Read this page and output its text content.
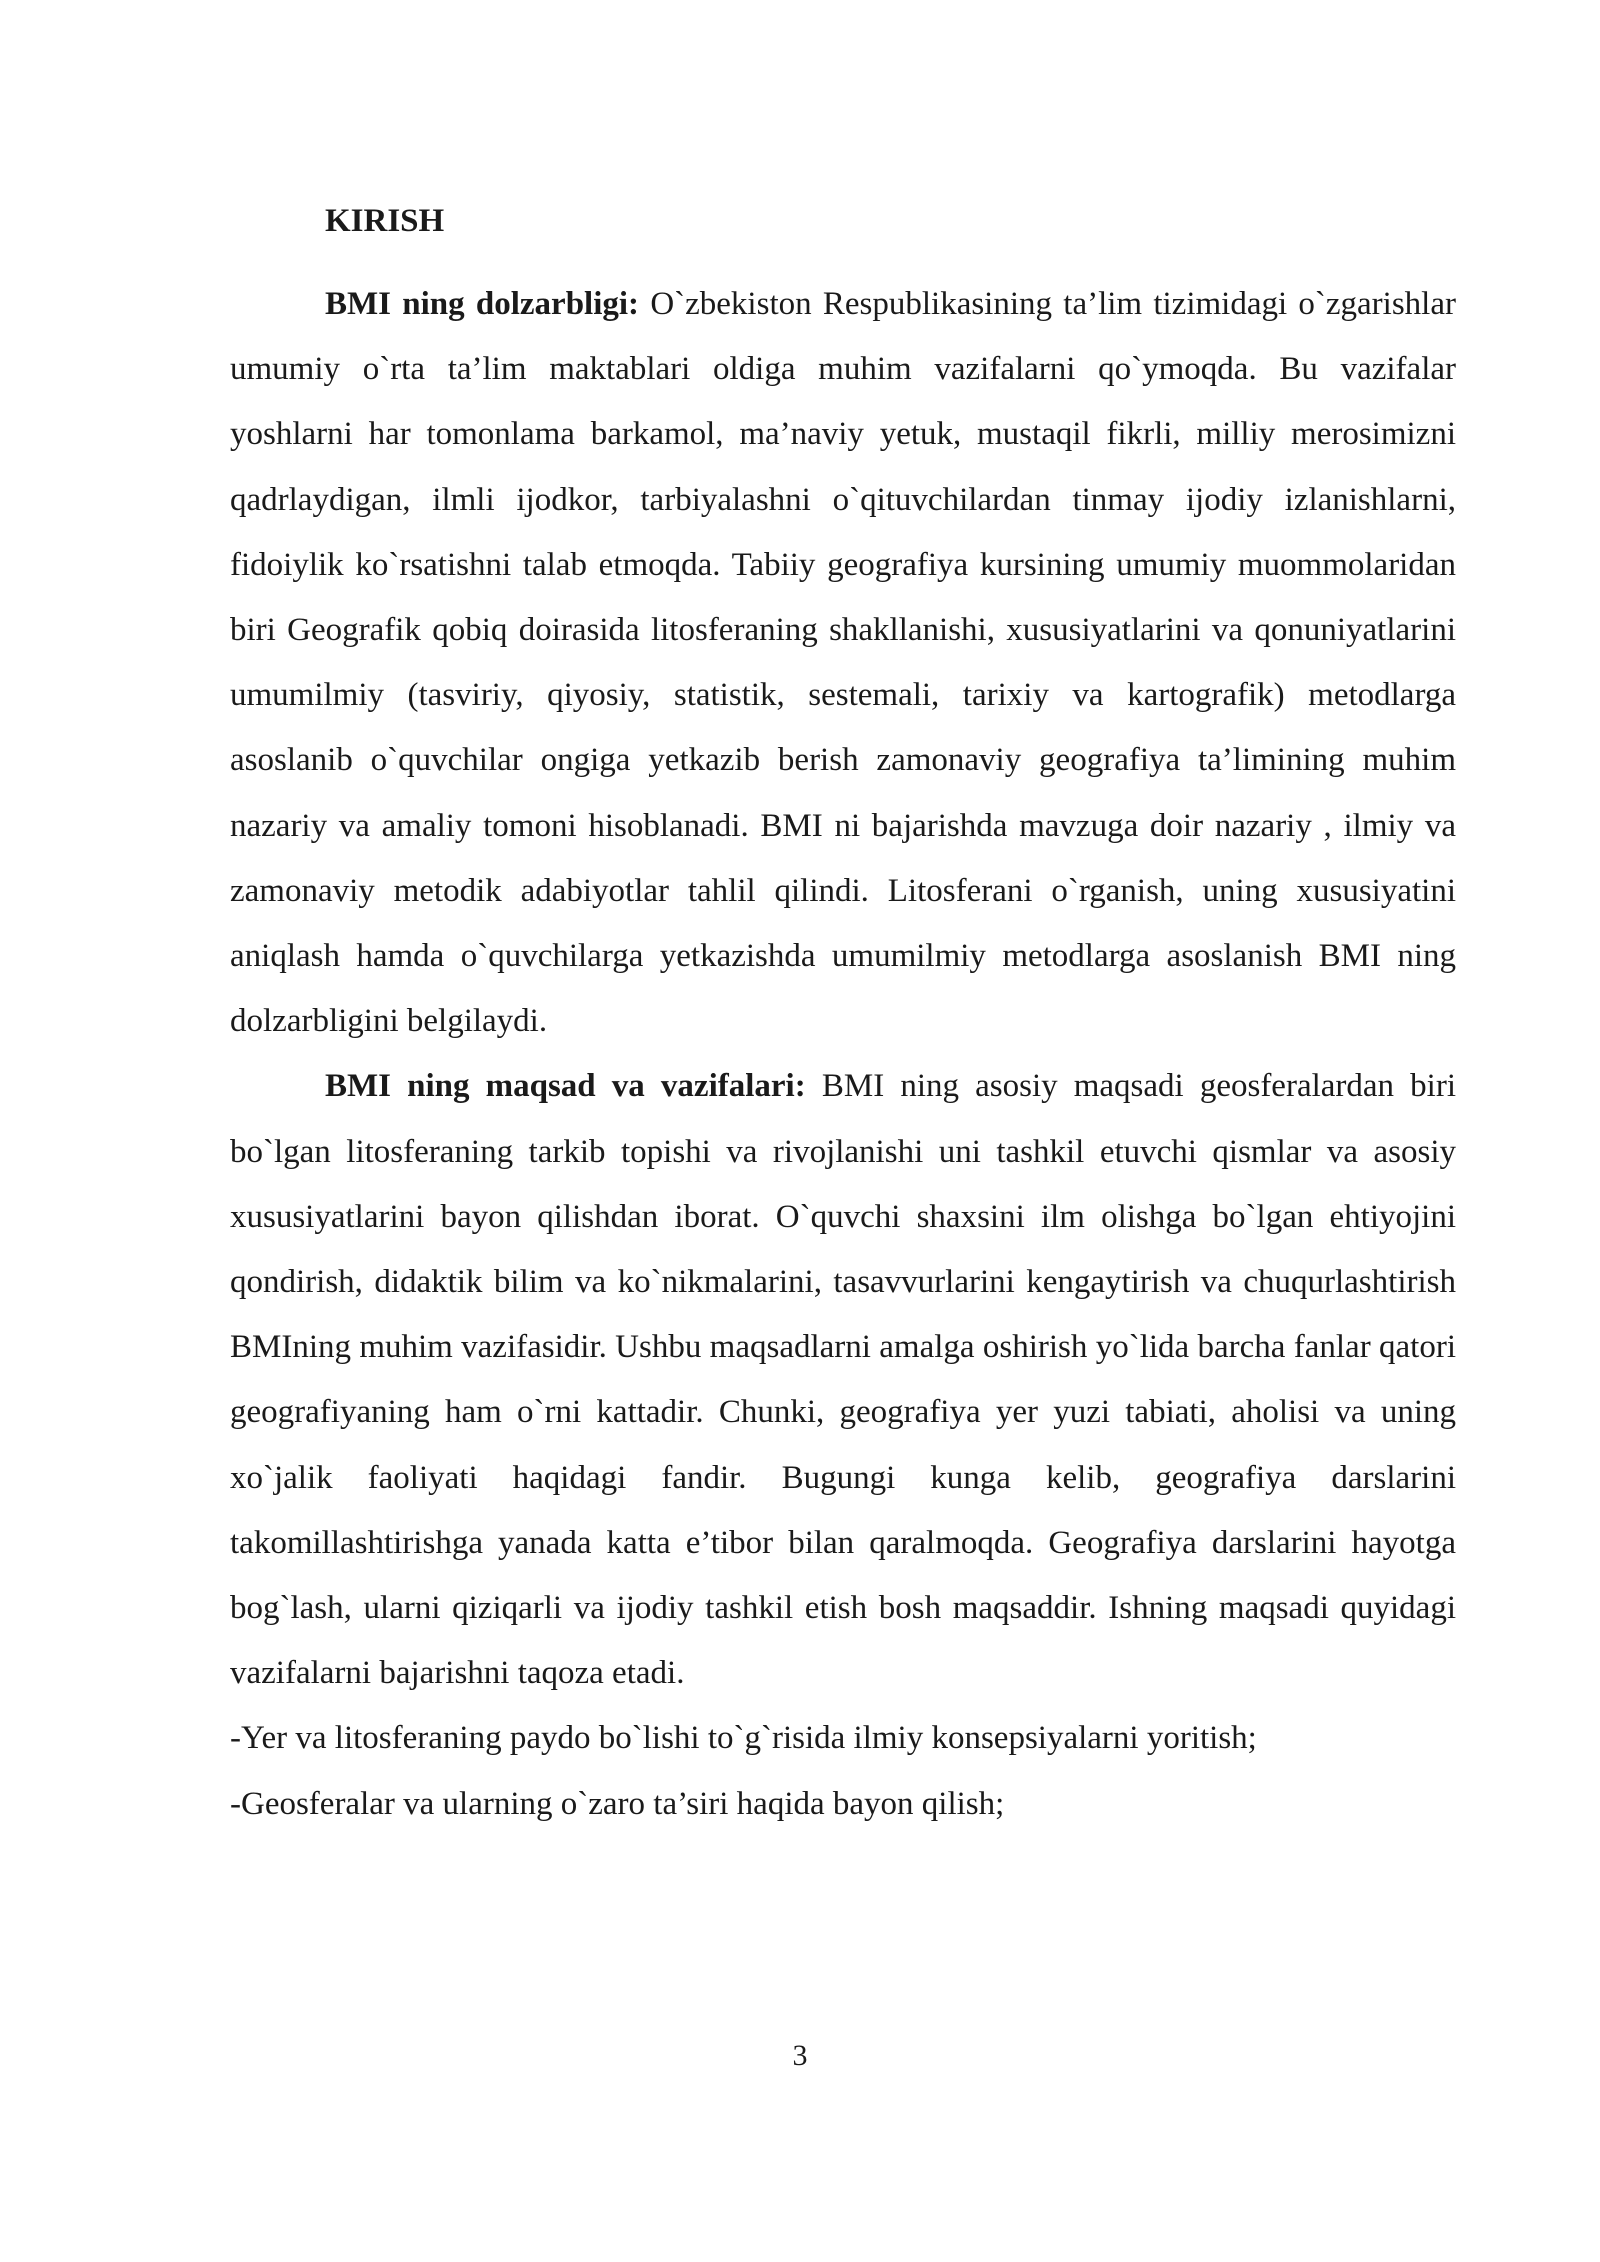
KIRISH

BMI ning dolzarbligi: O`zbekiston Respublikasining ta’lim tizimidagi o`zgarishlar umumiy o`rta ta’lim maktablari oldiga muhim vazifalarni qo`ymoqda. Bu vazifalar yoshlarni har tomonlama barkamol, ma’naviy yetuk, mustaqil fikrli, milliy merosimizni qadrlaydigan, ilmli ijodkor, tarbiyalashni o`qituvchilardan tinmay ijodiy izlanishlarni, fidoiylik ko`rsatishni talab etmoqda. Tabiiy geografiya kursining umumiy muommolaridan biri Geografik qobiq doirasida litosferaning shakllanishi, xususiyatlarini va qonuniyatlarini umumilmiy (tasviriy, qiyosiy, statistik, sestemali, tarixiy va kartografik) metodlarga asoslanib o`quvchilar ongiga yetkazib berish zamonaviy geografiya ta’limining muhim nazariy va amaliy tomoni hisoblanadi. BMI ni bajarishda mavzuga doir nazariy , ilmiy va zamonaviy metodik adabiyotlar tahlil qilindi. Litosferani o`rganish, uning xususiyatini aniqlash hamda o`quvchilarga yetkazishda umumilmiy metodlarga asoslanish BMI ning dolzarbligini belgilaydi.

BMI ning maqsad va vazifalari: BMI ning asosiy maqsadi geosferalardan biri bo`lgan litosferaning tarkib topishi va rivojlanishi uni tashkil etuvchi qismlar va asosiy xususiyatlarini bayon qilishdan iborat. O`quvchi shaxsini ilm olishga bo`lgan ehtiyojini qondirish, didaktik bilim va ko`nikmalarini, tasavvurlarini kengaytirish va chuqurlashtirish BMIning muhim vazifasidir. Ushbu maqsadlarni amalga oshirish yo`lida barcha fanlar qatori geografiyaning ham o`rni kattadir. Chunki, geografiya yer yuzi tabiati, aholisi va uning xo`jalik faoliyati haqidagi fandir. Bugungi kunga kelib, geografiya darslarini takomillashtirishga yanada katta e’tibor bilan qaralmoqda. Geografiya darslarini hayotga bog`lash, ularni qiziqarli va ijodiy tashkil etish bosh maqsaddir. Ishning maqsadi quyidagi vazifalarni bajarishni taqoza etadi.

-Yer va litosferaning paydo bo`lishi to`g`risida ilmiy konsepsiyalarni yoritish;

-Geosferalar va ularning o`zaro ta’siri haqida bayon qilish;

3
